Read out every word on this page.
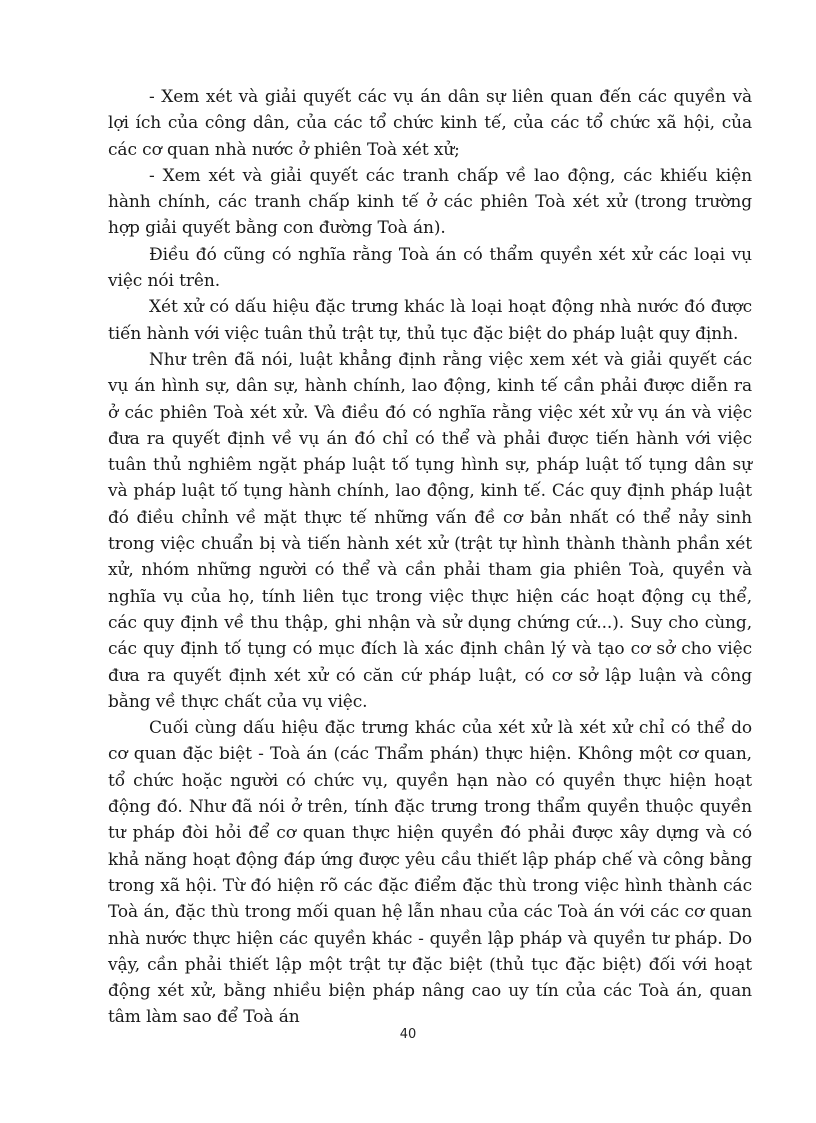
- Xem xét và giải quyết các vụ án dân sự liên quan đến các quyền và lợi ích của công dân, của các tổ chức kinh tế, của các tổ chức xã hội, của các cơ quan nhà nước ở phiên Toà xét xử;

- Xem xét và giải quyết các tranh chấp về lao động, các khiếu kiện hành chính, các tranh chấp kinh tế ở các phiên Toà xét xử (trong trường hợp giải quyết bằng con đường Toà án).

Điều đó cũng có nghĩa rằng Toà án có thẩm quyền xét xử các loại vụ việc nói trên.

Xét xử có dấu hiệu đặc trưng khác là loại hoạt động nhà nước đó được tiến hành với việc tuân thủ trật tự, thủ tục đặc biệt do pháp luật quy định.

Như trên đã nói, luật khẳng định rằng việc xem xét và giải quyết các vụ án hình sự, dân sự, hành chính, lao động, kinh tế cần phải được diễn ra ở các phiên Toà xét xử. Và điều đó có nghĩa rằng việc xét xử vụ án và việc đưa ra quyết định về vụ án đó chỉ có thể và phải được tiến hành với việc tuân thủ nghiêm ngặt pháp luật tố tụng hình sự, pháp luật tố tụng dân sự và pháp luật tố tụng hành chính, lao động, kinh tế. Các quy định pháp luật đó điều chỉnh về mặt thực tế những vấn đề cơ bản nhất có thể nảy sinh trong việc chuẩn bị và tiến hành xét xử (trật tự hình thành thành phần xét xử, nhóm những người có thể và cần phải tham gia phiên Toà, quyền và nghĩa vụ của họ, tính liên tục trong việc thực hiện các hoạt động cụ thể, các quy định về thu thập, ghi nhận và sử dụng chứng cứ...). Suy cho cùng, các quy định tố tụng có mục đích là xác định chân lý và tạo cơ sở cho việc đưa ra quyết định xét xử có căn cứ pháp luật, có cơ sở lập luận và công bằng về thực chất của vụ việc.

Cuối cùng dấu hiệu đặc trưng khác của xét xử là xét xử chỉ có thể do cơ quan đặc biệt - Toà án (các Thẩm phán) thực hiện. Không một cơ quan, tổ chức hoặc người có chức vụ, quyền hạn nào có quyền thực hiện hoạt động đó. Như đã nói ở trên, tính đặc trưng trong thẩm quyền thuộc quyền tư pháp đòi hỏi để cơ quan thực hiện quyền đó phải được xây dựng và có khả năng hoạt động đáp ứng được yêu cầu thiết lập pháp chế và công bằng trong xã hội. Từ đó hiện rõ các đặc điểm đặc thù trong việc hình thành các Toà án, đặc thù trong mối quan hệ lẫn nhau của các Toà án với các cơ quan nhà nước thực hiện các quyền khác - quyền lập pháp và quyền tư pháp. Do vậy, cần phải thiết lập một trật tự đặc biệt (thủ tục đặc biệt) đối với hoạt động xét xử, bằng nhiều biện pháp nâng cao uy tín của các Toà án, quan tâm làm sao để Toà án

40
